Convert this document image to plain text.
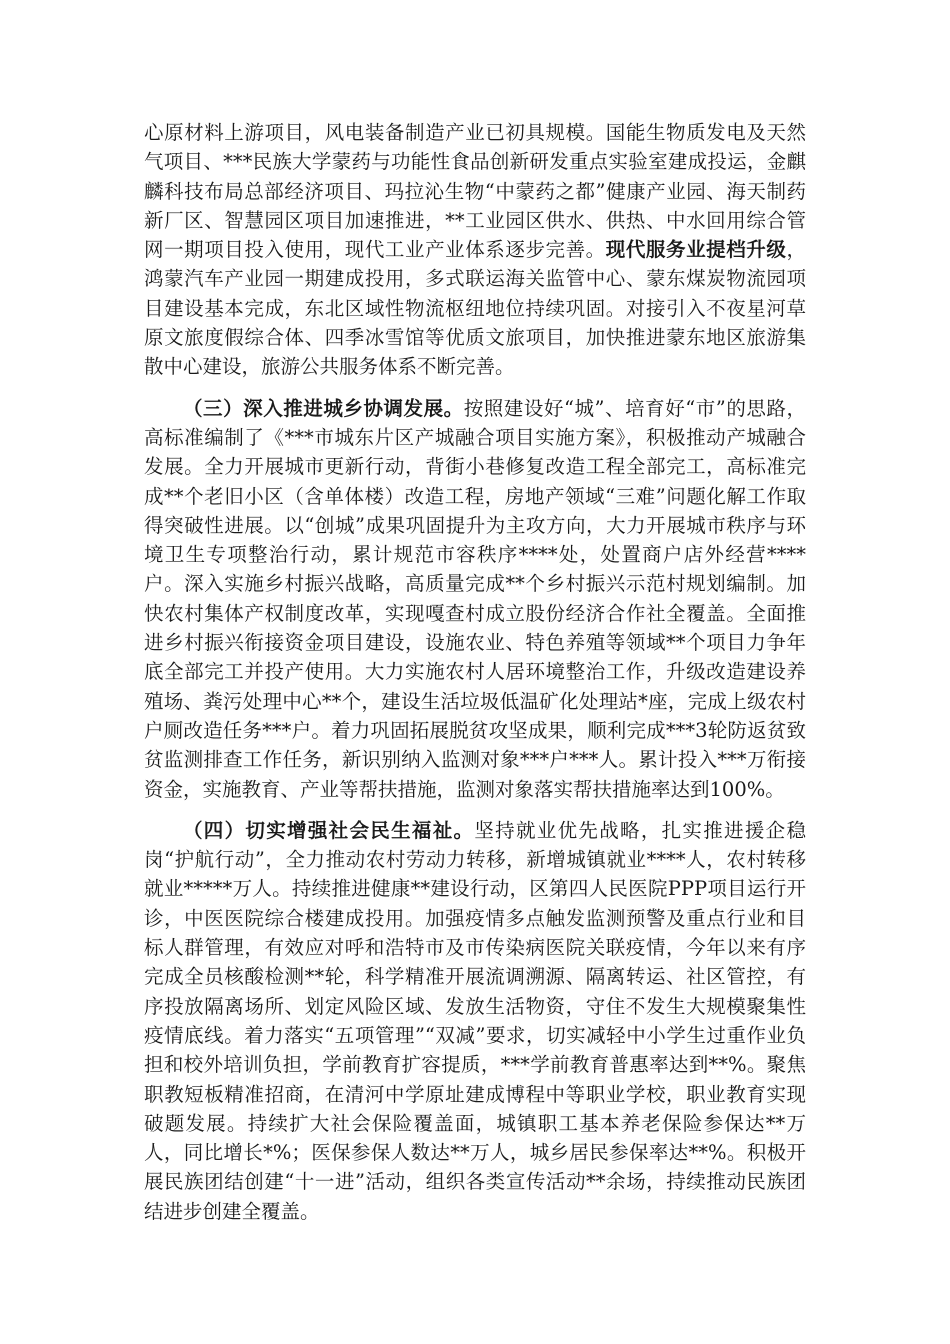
心原材料上游项目，风电装备制造产业已初具规模。国能生物质发电及天然气项目、***民族大学蒙药与功能性食品创新研发重点实验室建成投运，金麒麟科技布局总部经济项目、玛拉沁生物“中蒙药之都”健康产业园、海天制药新厂区、智慧园区项目加速推进，**工业园区供水、供热、中水回用综合管网一期项目投入使用，现代工业产业体系逐步完善。现代服务业提档升级，鸿蒙汽车产业园一期建成投用，多式联运海关监管中心、蒙东煤炭物流园项目建设基本完成，东北区域性物流枢纽地位持续巩固。对接引入不夜星河草原文旅度假综合体、四季冰雪馆等优质文旅项目，加快推进蒙东地区旅游集散中心建设，旅游公共服务体系不断完善。

（三）深入推进城乡协调发展。按照建设好“城”、培育好“市”的思路，高标准编制了《***市城东片区产城融合项目实施方案》，积极推动产城融合发展。全力开展城市更新行动，背街小巷修复改造工程全部完工，高标准完成**个老旧小区（含单体楼）改造工程，房地产领域“三难”问题化解工作取得突破性进展。以“创城”成果巩固提升为主攻方向，大力开展城市秩序与环境卫生专项整治行动，累计规范市容秩序****处，处置商户店外经营****户。深入实施乡村振兴战略，高质量完成**个乡村振兴示范村规划编制。加快农村集体产权制度改革，实现嘎查村成立股份经济合作社全覆盖。全面推进乡村振兴衔接资金项目建设，设施农业、特色养殖等领域**个项目力争年底全部完工并投产使用。大力实施农村人居环境整治工作，升级改造建设养殖场、粪污处理中心**个，建设生活垃圾低温矿化处理站*座，完成上级农村户厕改造任务***户。着力巩固拓展脱贫攻坚成果，顺利完成***3轮防返贫致贫监测排查工作任务，新识别纳入监测对象***户***人。累计投入***万衔接资金，实施教育、产业等帮扶措施，监测对象落实帮扶措施率达到100%。

（四）切实增强社会民生福祉。坚持就业优先战略，扎实推进援企稳岗“护航行动”，全力推动农村劳动力转移，新增城镇就业****人，农村转移就业*****万人。持续推进健康**建设行动，区第四人民医院PPP项目运行开诊，中医医院综合楼建成投用。加强疫情多点触发监测预警及重点行业和目标人群管理，有效应对呼和浩特市及市传染病医院关联疫情，今年以来有序完成全员核酸检测**轮，科学精准开展流调溯源、隔离转运、社区管控，有序投放隔离场所、划定风险区域、发放生活物资，守住不发生大规模聚集性疫情底线。着力落实“五项管理”“双减”要求，切实减轻中小学生过重作业负担和校外培训负担，学前教育扩容提质，***学前教育普惠率达到**%。聚焦职教短板精准招商，在清河中学原址建成博程中等职业学校，职业教育实现破题发展。持续扩大社会保险覆盖面，城镇职工基本养老保险参保达**万人，同比增长*%；医保参保人数达**万人，城乡居民参保率达**%。积极开展民族团结创建“十一进”活动，组织各类宣传活动**余场，持续推动民族团结进步创建全覆盖。
